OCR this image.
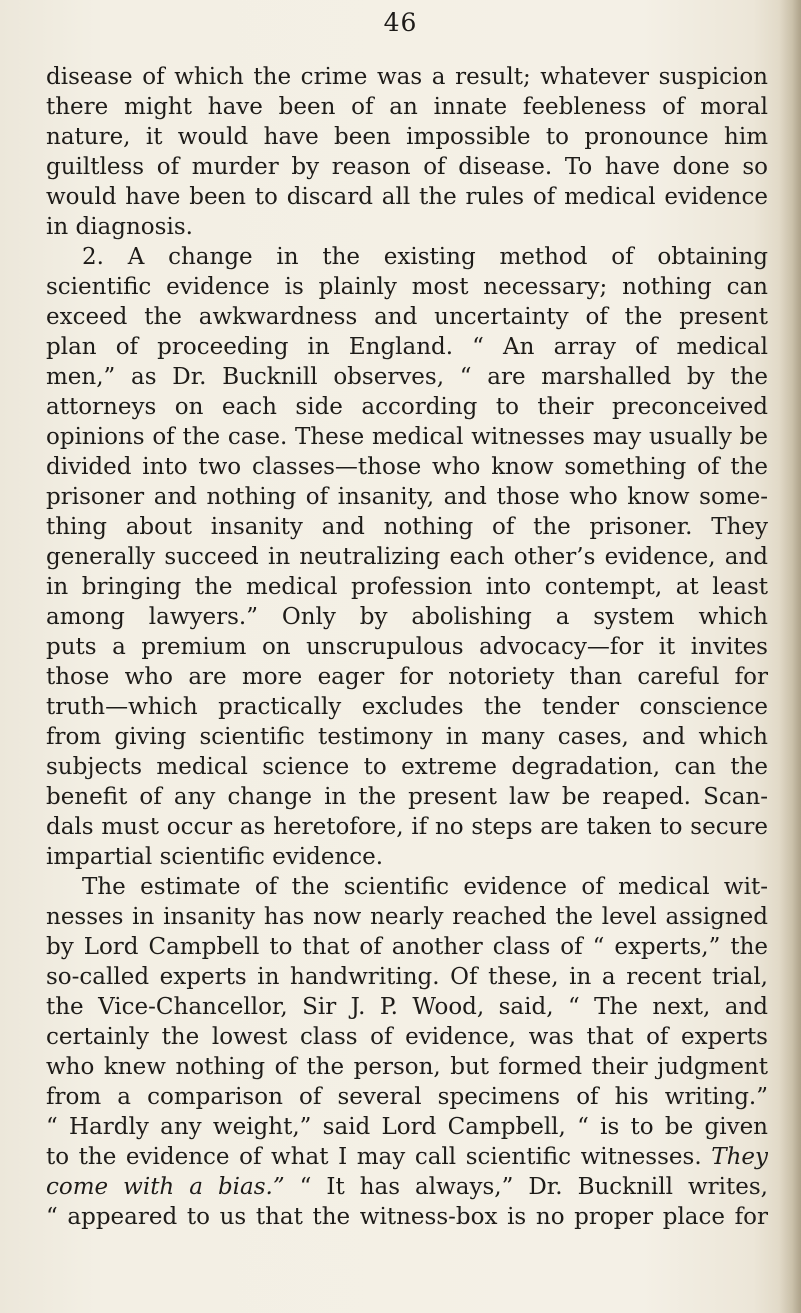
46
disease of which the crime was a result; whatever suspicion
there might have been of an innate feebleness of moral
nature, it would have been impossible to pronounce him
guiltless of murder by reason of disease. To have done so
would have been to discard all the rules of medical evidence
in diagnosis.
2. A change in the existing method of obtaining
scientific evidence is plainly most necessary; nothing can
exceed the awkwardness and uncertainty of the present
plan of proceeding in England. “ An array of medical
men,” as Dr. Bucknill observes, “ are marshalled by the
attorneys on each side according to their preconceived
opinions of the case. These medical witnesses may usually be
divided into two classes—those who know something of the
prisoner and nothing of insanity, and those who know some-
thing about insanity and nothing of the prisoner. They
generally succeed in neutralizing each other’s evidence, and
in bringing the medical profession into contempt, at least
among lawyers.” Only by abolishing a system which
puts a premium on unscrupulous advocacy—for it invites
those who are more eager for notoriety than careful for
truth—which practically excludes the tender conscience
from giving scientific testimony in many cases, and which
subjects medical science to extreme degradation, can the
benefit of any change in the present law be reaped. Scan-
dals must occur as heretofore, if no steps are taken to secure
impartial scientific evidence.
The estimate of the scientific evidence of medical wit-
nesses in insanity has now nearly reached the level assigned
by Lord Campbell to that of another class of “ experts,” the
so-called experts in handwriting. Of these, in a recent trial,
the Vice-Chancellor, Sir J. P. Wood, said, “ The next, and
certainly the lowest class of evidence, was that of experts
who knew nothing of the person, but formed their judgment
from a comparison of several specimens of his writing.”
“ Hardly any weight,” said Lord Campbell, “ is to be given
to the evidence of what I may call scientific witnesses. They
come with a bias.” “ It has always,” Dr. Bucknill writes,
“ appeared to us that the witness-box is no proper place for
